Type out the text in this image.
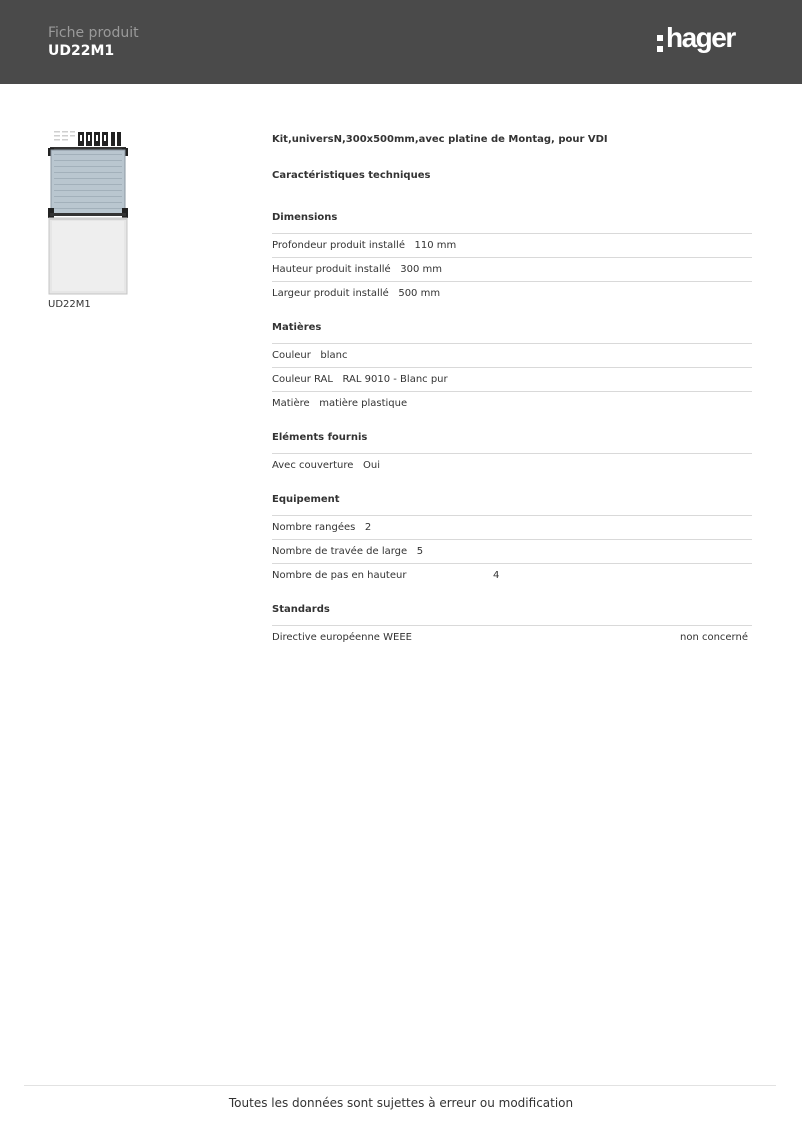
Fiche produit
UD22M1	hager
UD22M1
Kit,universN,300x500mm,avec platine de Montag, pour VDI
Caractéristiques techniques
Dimensions
Profondeur produit installé 110 mm
Hauteur produit installé 300 mm
Largeur produit installé 500 mm
Matières
Couleur blanc
Couleur RAL RAL 9010 - Blanc pur
Matière matière plastique
Eléments fournis
Avec couverture Oui
Equipement
Nombre rangées 2
Nombre de travée de large 5
Nombre de pas en hauteur	4
Standards
Directive européenne WEEE	non concerné
Toutes les données sont sujettes à erreur ou modification
